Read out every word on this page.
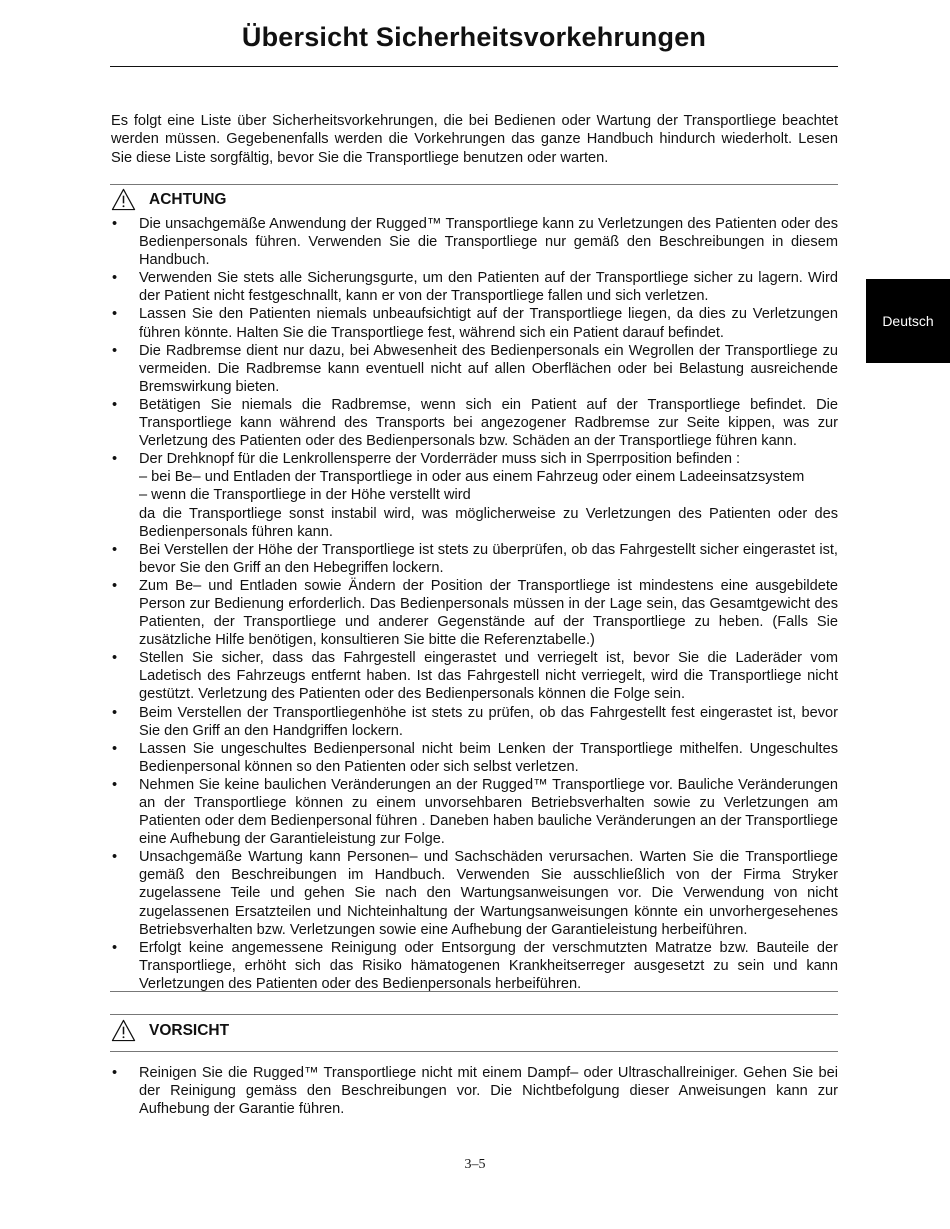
Übersicht Sicherheitsvorkehrungen

Es folgt eine Liste über Sicherheitsvorkehrungen, die bei Bedienen oder Wartung der Transportliege beachtet werden müssen. Gegebenenfalls werden die Vorkehrungen das ganze Handbuch hindurch wiederholt. Lesen Sie diese Liste sorgfältig, bevor Sie die Transportliege benutzen oder warten.

ACHTUNG
• Die unsachgemäße Anwendung der Rugged™ Transportliege kann zu Verletzungen des Patienten oder des Bedienpersonals führen. Verwenden Sie die Transportliege nur gemäß den Beschreibungen in diesem Handbuch.
• Verwenden Sie stets alle Sicherungsgurte, um den Patienten auf der Transportliege sicher zu lagern. Wird der Patient nicht festgeschnallt, kann er von der Transportliege fallen und sich verletzen.
• Lassen Sie den Patienten niemals unbeaufsichtigt auf der Transportliege liegen, da dies zu Verletzungen führen könnte. Halten Sie die Transportliege fest, während sich ein Patient darauf befindet.
• Die Radbremse dient nur dazu, bei Abwesenheit des Bedienpersonals ein Wegrollen der Transportliege zu vermeiden. Die Radbremse kann eventuell nicht auf allen Oberflächen oder bei Belastung ausreichende Bremswirkung bieten.
• Betätigen Sie niemals die Radbremse, wenn sich ein Patient auf der Transportliege befindet. Die Transportliege kann während des Transports bei angezogener Radbremse zur Seite kippen, was zur Verletzung des Patienten oder des Bedienpersonals bzw. Schäden an der Transportliege führen kann.
• Der Drehknopf für die Lenkrollensperre der Vorderräder muss sich in Sperrposition befinden :
– bei Be– und Entladen der Transportliege in oder aus einem Fahrzeug oder einem Ladeeinsatzsystem
– wenn die Transportliege in der Höhe verstellt wird
da die Transportliege sonst instabil wird, was möglicherweise zu Verletzungen des Patienten oder des Bedienpersonals führen kann.
• Bei Verstellen der Höhe der Transportliege ist stets zu überprüfen, ob das Fahrgestellt sicher eingerastet ist, bevor Sie den Griff an den Hebegriffen lockern.
• Zum Be– und Entladen sowie Ändern der Position der Transportliege ist mindestens eine ausgebildete Person zur Bedienung erforderlich. Das Bedienpersonals müssen in der Lage sein, das Gesamtgewicht des Patienten, der Transportliege und anderer Gegenstände auf der Transportliege zu heben. (Falls Sie zusätzliche Hilfe benötigen, konsultieren Sie bitte die Referenztabelle.)
• Stellen Sie sicher, dass das Fahrgestell eingerastet und verriegelt ist, bevor Sie die Laderäder vom Ladetisch des Fahrzeugs entfernt haben. Ist das Fahrgestell nicht verriegelt, wird die Transportliege nicht gestützt. Verletzung des Patienten oder des Bedienpersonals können die Folge sein.
• Beim Verstellen der Transportliegenhöhe ist stets zu prüfen, ob das Fahrgestellt fest eingerastet ist, bevor Sie den Griff an den Handgriffen lockern.
• Lassen Sie ungeschultes Bedienpersonal nicht beim Lenken der Transportliege mithelfen. Ungeschultes Bedienpersonal können so den Patienten oder sich selbst verletzen.
• Nehmen Sie keine baulichen Veränderungen an der Rugged™ Transportliege vor. Bauliche Veränderungen an der Transportliege können zu einem unvorsehbaren Betriebsverhalten sowie zu Verletzungen am Patienten oder dem Bedienpersonal führen . Daneben haben bauliche Veränderungen an der Transportliege eine Aufhebung der Garantieleistung zur Folge.
• Unsachgemäße Wartung kann Personen– und Sachschäden verursachen. Warten Sie die Transportliege gemäß den Beschreibungen im Handbuch. Verwenden Sie ausschließlich von der Firma Stryker zugelassene Teile und gehen Sie nach den Wartungsanweisungen vor. Die Verwendung von nicht zugelassenen Ersatzteilen und Nichteinhaltung der Wartungsanweisungen könnte ein unvorhergesehenes Betriebsverhalten bzw. Verletzungen sowie eine Aufhebung der Garantieleistung herbeiführen.
• Erfolgt keine angemessene Reinigung oder Entsorgung der verschmutzten Matratze bzw. Bauteile der Transportliege, erhöht sich das Risiko hämatogenen Krankheitserreger ausgesetzt zu sein und kann Verletzungen des Patienten oder des Bedienpersonals herbeiführen.
VORSICHT
• Reinigen Sie die Rugged™ Transportliege nicht mit einem Dampf– oder Ultraschallreiniger. Gehen Sie bei der Reinigung gemäss den Beschreibungen vor. Die Nichtbefolgung dieser Anweisungen kann zur Aufhebung der Garantie führen.
Deutsch
3–5
